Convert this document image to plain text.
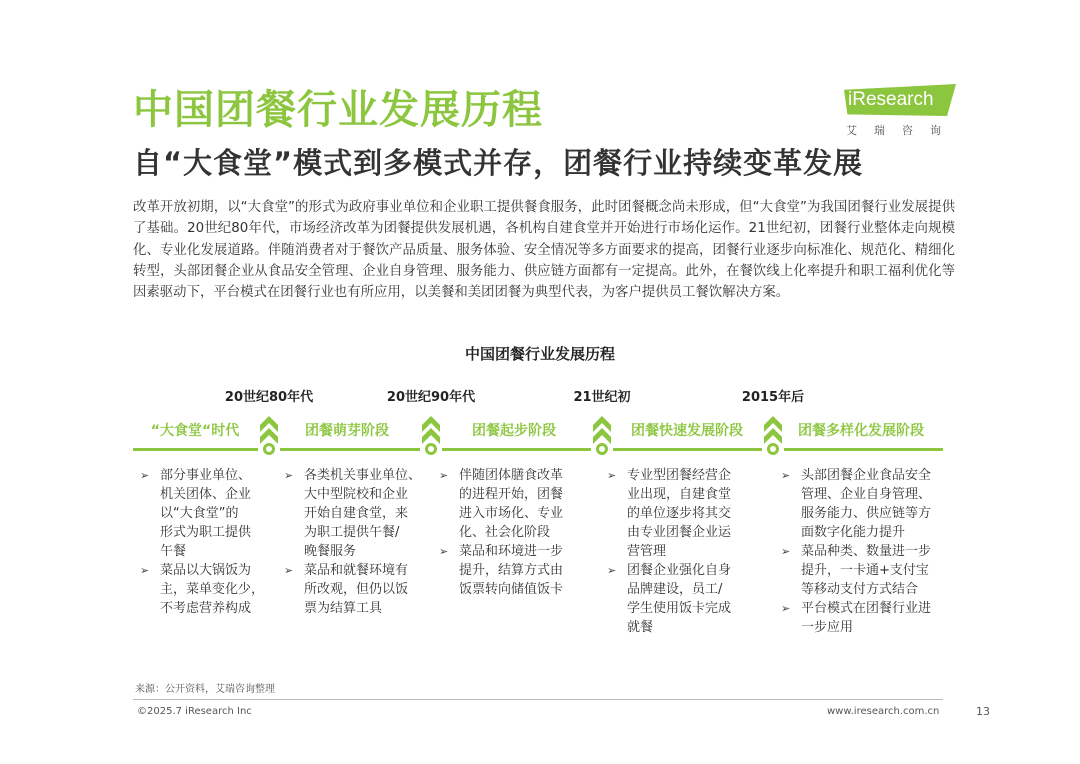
中国团餐行业发展历程	iResearch
艾瑞咨询
自“大食堂”模式到多模式并存，团餐行业持续变革发展

改革开放初期，以“大食堂”的形式为政府事业单位和企业职工提供餐食服务，此时团餐概念尚未形成，但“大食堂”为我国团餐行业发展提供了基础。20世纪80年代，市场经济改革为团餐提供发展机遇，各机构自建食堂并开始进行市场化运作。21世纪初，团餐行业整体走向规模化、专业化发展道路。伴随消费者对于餐饮产品质量、服务体验、安全情况等多方面要求的提高，团餐行业逐步向标准化、规范化、精细化转型，头部团餐企业从食品安全管理、企业自身管理、服务能力、供应链方面都有一定提高。此外，在餐饮线上化率提升和职工福利优化等因素驱动下，平台模式在团餐行业也有所应用，以美餐和美团团餐为典型代表，为客户提供员工餐饮解决方案。

中国团餐行业发展历程
20世纪80年代	20世纪90年代	21世纪初	2015年后
“大食堂“时代	团餐萌芽阶段	团餐起步阶段	团餐快速发展阶段	团餐多样化发展阶段
➢ 部分事业单位、
机关团体、企业
以“大食堂”的
形式为职工提供
午餐
➢ 菜品以大锅饭为
主，菜单变化少，
不考虑营养构成
➢ 各类机关事业单位、
大中型院校和企业
开始自建食堂，来
为职工提供午餐/
晚餐服务
➢ 菜品和就餐环境有
所改观，但仍以饭
票为结算工具
➢ 伴随团体膳食改革
的进程开始，团餐
进入市场化、专业
化、社会化阶段
➢ 菜品和环境进一步
提升，结算方式由
饭票转向储值饭卡
➢ 专业型团餐经营企
业出现，自建食堂
的单位逐步将其交
由专业团餐企业运
营管理
➢ 团餐企业强化自身
品牌建设，员工/
学生使用饭卡完成
就餐
➢ 头部团餐企业食品安全
管理、企业自身管理、
服务能力、供应链等方
面数字化能力提升
➢ 菜品种类、数量进一步
提升，一卡通+支付宝
等移动支付方式结合
➢ 平台模式在团餐行业进
一步应用

来源：公开资料，艾瑞咨询整理

©2025.7 iResearch Inc	www.iresearch.com.cn	13
